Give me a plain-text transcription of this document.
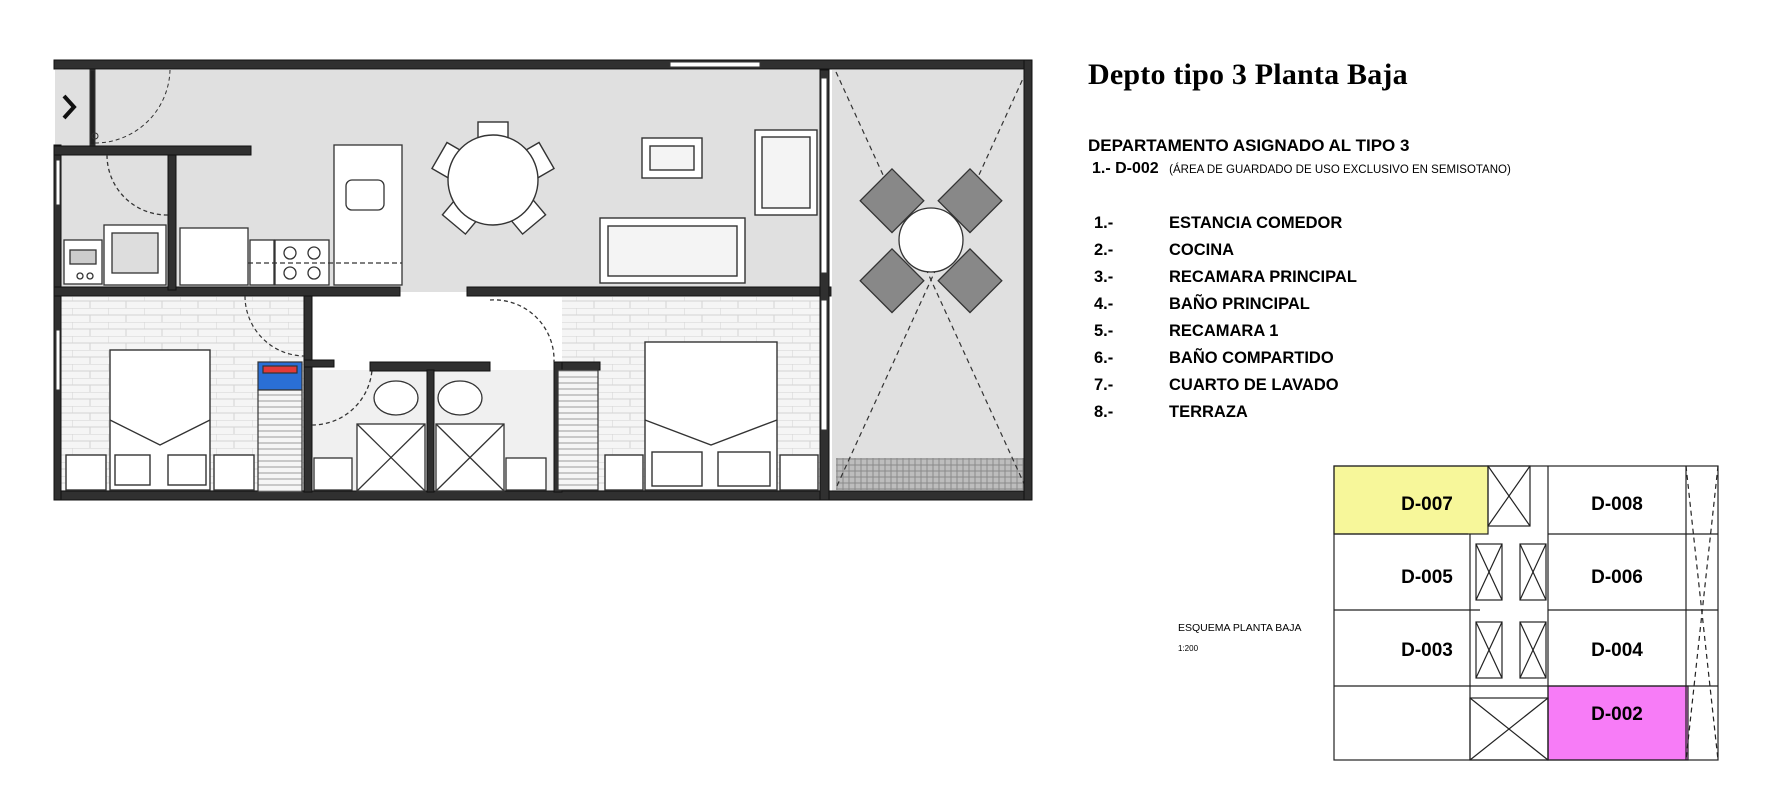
D-007	D-008
D-005	D-006
D-003	D-004
D-002
Depto tipo 3 Planta Baja
DEPARTAMENTO ASIGNADO AL TIPO 3
1.- D-002 (ÁREA DE GUARDADO DE USO EXCLUSIVO EN SEMISOTANO)
1.-	ESTANCIA COMEDOR
2.-	COCINA
3.-	RECAMARA PRINCIPAL
4.-	BAÑO PRINCIPAL
5.-	RECAMARA 1
6.-	BAÑO COMPARTIDO
7.-	CUARTO DE LAVADO
8.-	TERRAZA
ESQUEMA PLANTA BAJA
1:200
